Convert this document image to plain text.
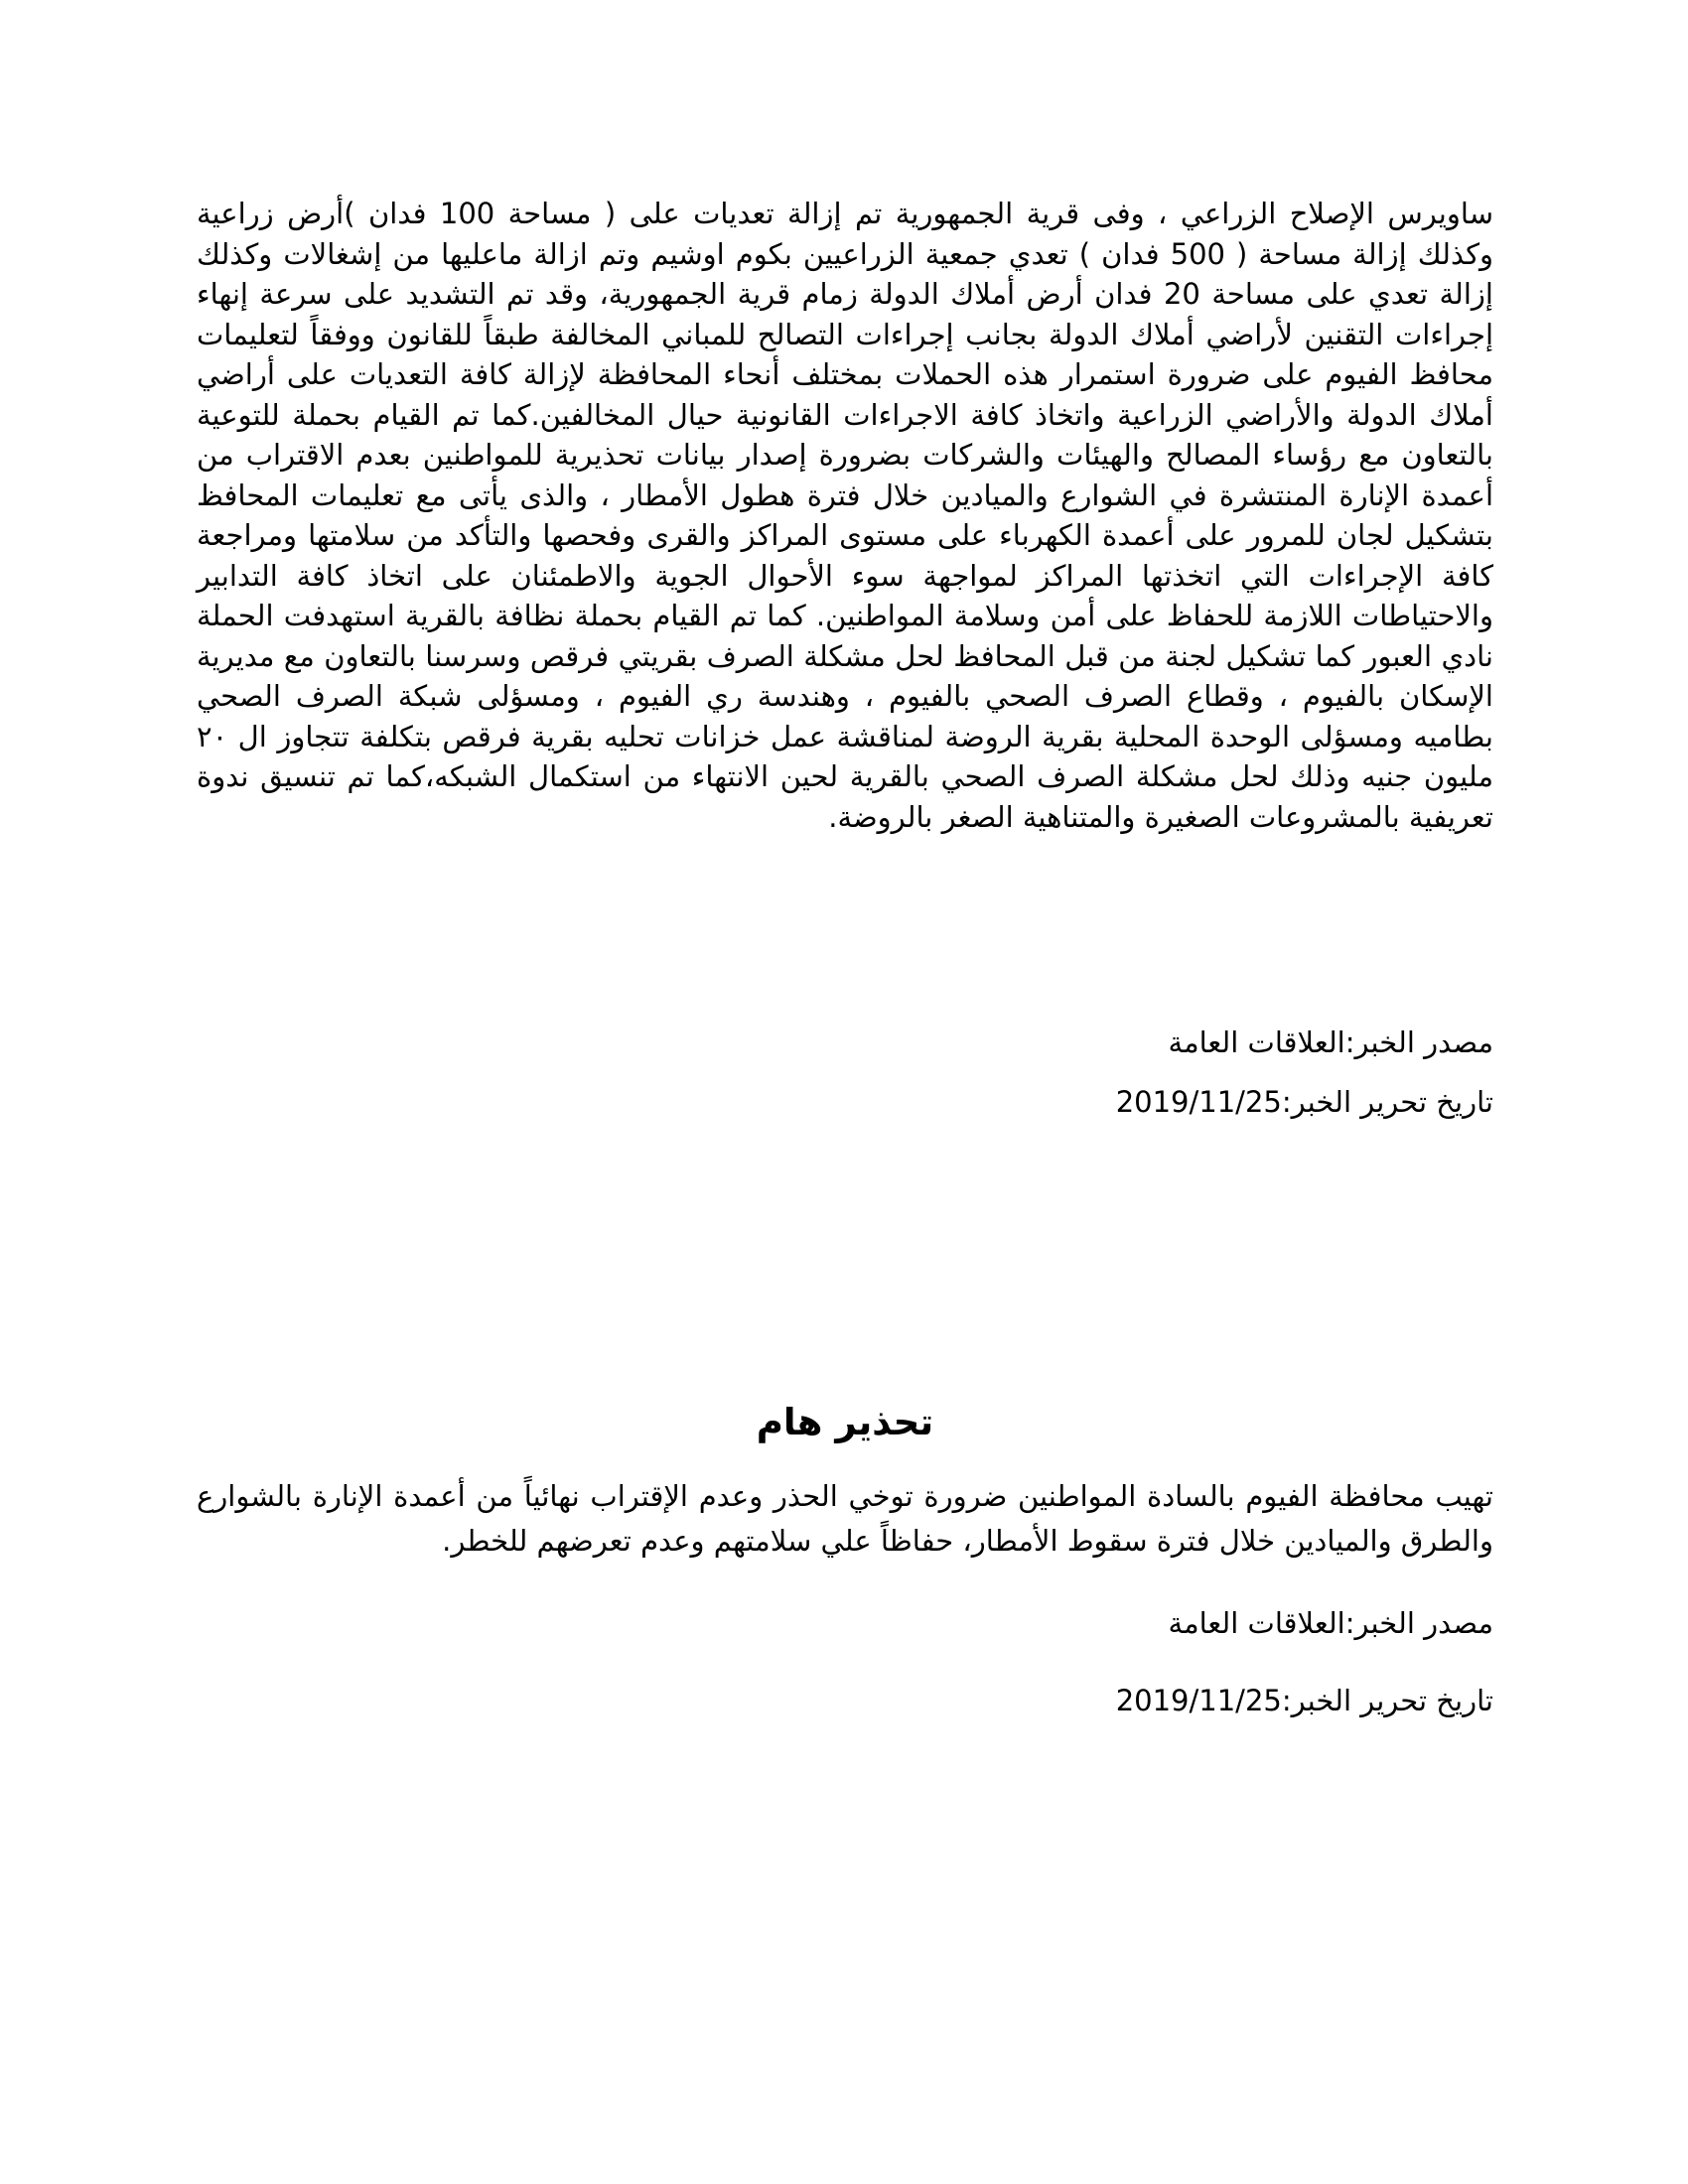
ساويرس الإصلاح الزراعي ، وفى قرية الجمهورية تم إزالة تعديات على ( مساحة 100 فدان )أرض زراعية وكذلك إزالة مساحة ( 500 فدان ) تعدي جمعية الزراعيين بكوم اوشيم وتم ازالة ماعليها من إشغالات وكذلك إزالة تعدي على مساحة 20 فدان أرض أملاك الدولة زمام قرية الجمهورية، وقد تم التشديد على سرعة إنهاء إجراءات التقنين لأراضي أملاك الدولة بجانب إجراءات التصالح للمباني المخالفة طبقاً للقانون ووفقاً لتعليمات محافظ الفيوم على ضرورة استمرار هذه الحملات بمختلف أنحاء المحافظة لإزالة كافة التعديات على أراضي أملاك الدولة والأراضي الزراعية واتخاذ كافة الاجراءات القانونية حيال المخالفين.كما تم القيام بحملة للتوعية بالتعاون مع رؤساء المصالح والهيئات والشركات بضرورة إصدار بيانات تحذيرية للمواطنين بعدم الاقتراب من أعمدة الإنارة المنتشرة في الشوارع والميادين خلال فترة هطول الأمطار ، والذى يأتى مع تعليمات المحافظ بتشكيل لجان للمرور على أعمدة الكهرباء على مستوى المراكز والقرى وفحصها والتأكد من سلامتها ومراجعة كافة الإجراءات التي اتخذتها المراكز لمواجهة سوء الأحوال الجوية والاطمئنان على اتخاذ كافة التدابير والاحتياطات اللازمة للحفاظ على أمن وسلامة المواطنين. كما تم القيام بحملة نظافة بالقرية استهدفت الحملة نادي العبور كما تشكيل لجنة من قبل المحافظ لحل مشكلة الصرف بقريتي فرقص وسرسنا بالتعاون مع مديرية الإسكان بالفيوم ، وقطاع الصرف الصحي بالفيوم ، وهندسة ري الفيوم ، ومسؤلى شبكة الصرف الصحي بطاميه ومسؤلى الوحدة المحلية بقرية الروضة لمناقشة عمل خزانات تحليه بقرية فرقص بتكلفة تتجاوز ال ٢٠ مليون جنيه وذلك لحل مشكلة الصرف الصحي بالقرية لحين الانتهاء من استكمال الشبكه،كما تم تنسيق ندوة تعريفية بالمشروعات الصغيرة والمتناهية الصغر بالروضة.

مصدر الخبر:العلاقات العامة

تاريخ تحرير الخبر:2019/11/25

تحذير هام

تهيب محافظة الفيوم بالسادة المواطنين ضرورة توخي الحذر وعدم الإقتراب نهائياً من أعمدة الإنارة بالشوارع والطرق والميادين خلال فترة سقوط الأمطار، حفاظاً علي سلامتهم وعدم تعرضهم للخطر.

مصدر الخبر:العلاقات العامة

تاريخ تحرير الخبر:2019/11/25
